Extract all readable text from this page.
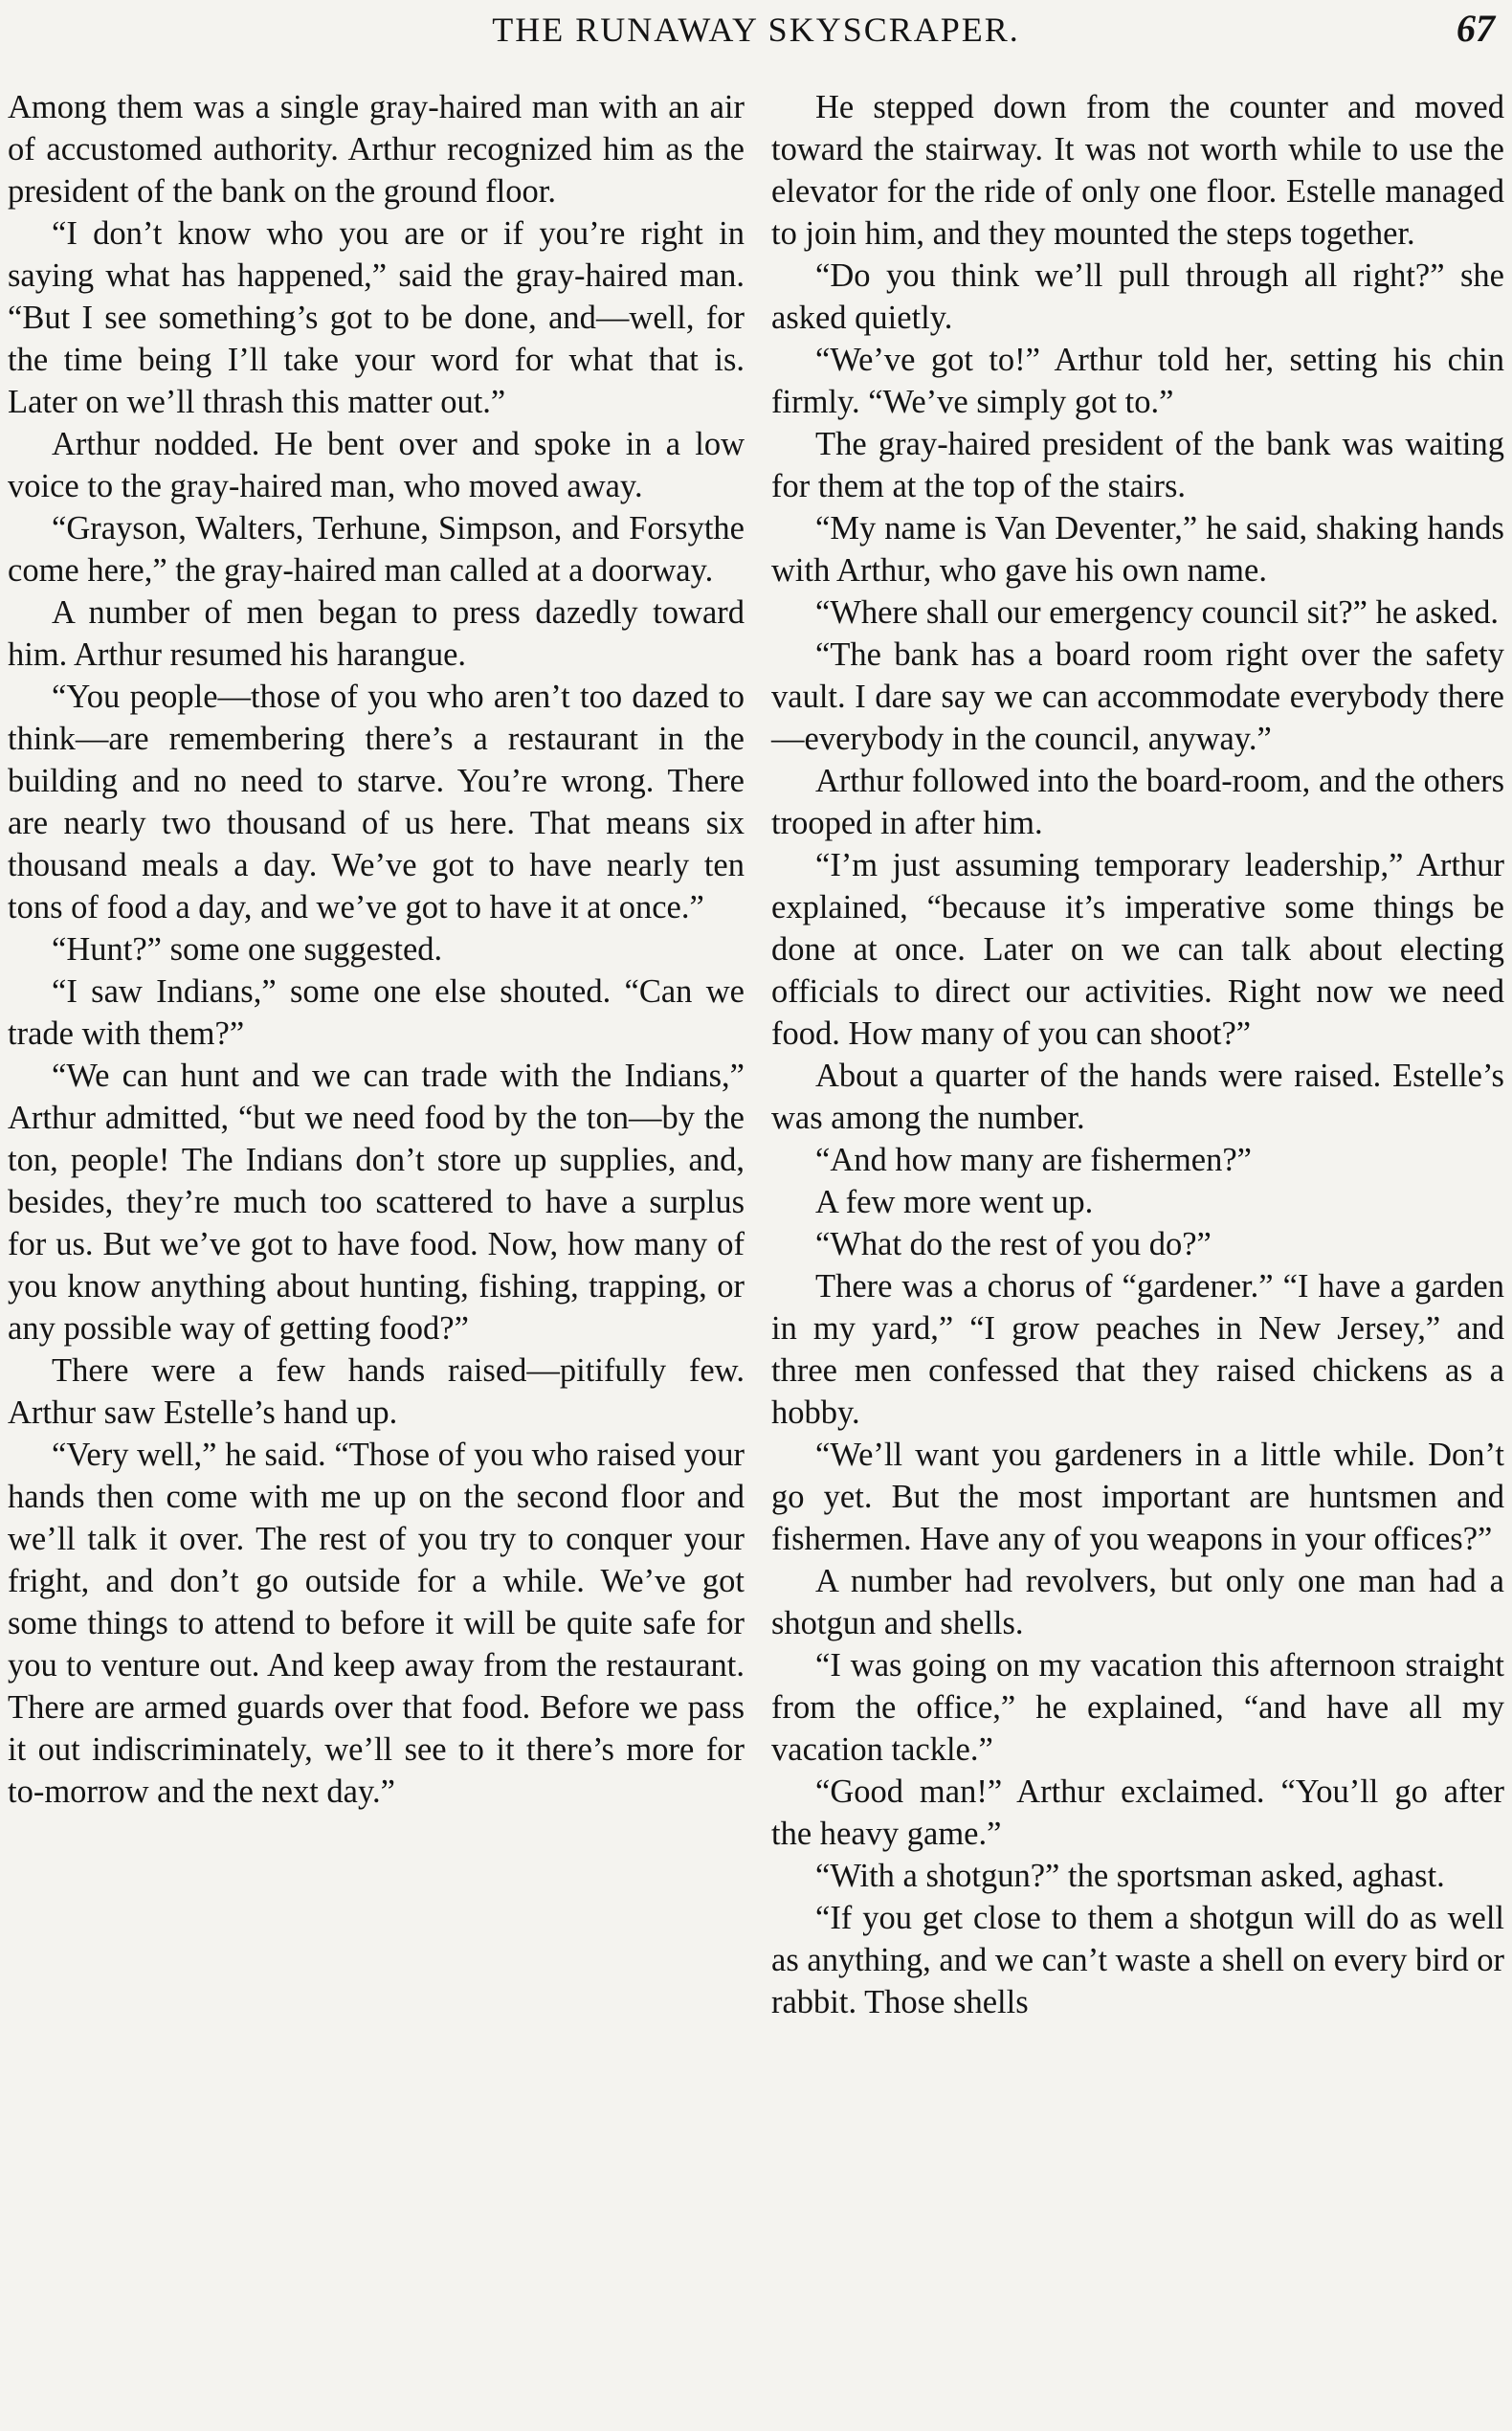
THE RUNAWAY SKYSCRAPER.	67

Among them was a single gray-haired man with an air of accustomed authority. Arthur recognized him as the president of the bank on the ground floor.

“I don’t know who you are or if you’re right in saying what has happened,” said the gray-haired man. “But I see something’s got to be done, and—well, for the time being I’ll take your word for what that is. Later on we’ll thrash this matter out.”

Arthur nodded. He bent over and spoke in a low voice to the gray-haired man, who moved away.

“Grayson, Walters, Terhune, Simpson, and Forsythe come here,” the gray-haired man called at a doorway.

A number of men began to press dazedly toward him. Arthur resumed his harangue.

“You people—those of you who aren’t too dazed to think—are remembering there’s a restaurant in the building and no need to starve. You’re wrong. There are nearly two thousand of us here. That means six thousand meals a day. We’ve got to have nearly ten tons of food a day, and we’ve got to have it at once.”

“Hunt?” some one suggested.

“I saw Indians,” some one else shouted. “Can we trade with them?”

“We can hunt and we can trade with the Indians,” Arthur admitted, “but we need food by the ton—by the ton, people! The Indians don’t store up supplies, and, besides, they’re much too scattered to have a surplus for us. But we’ve got to have food. Now, how many of you know anything about hunting, fishing, trapping, or any possible way of getting food?”

There were a few hands raised—pitifully few. Arthur saw Estelle’s hand up.

“Very well,” he said. “Those of you who raised your hands then come with me up on the second floor and we’ll talk it over. The rest of you try to conquer your fright, and don’t go outside for a while. We’ve got some things to attend to before it will be quite safe for you to venture out. And keep away from the restaurant. There are armed guards over that food. Before we pass it out indiscriminately, we’ll see to it there’s more for to-morrow and the next day.”

He stepped down from the counter and moved toward the stairway. It was not worth while to use the elevator for the ride of only one floor. Estelle managed to join him, and they mounted the steps together.

“Do you think we’ll pull through all right?” she asked quietly.

“We’ve got to!” Arthur told her, setting his chin firmly. “We’ve simply got to.”

The gray-haired president of the bank was waiting for them at the top of the stairs.

“My name is Van Deventer,” he said, shaking hands with Arthur, who gave his own name.

“Where shall our emergency council sit?” he asked.

“The bank has a board room right over the safety vault. I dare say we can accommodate everybody there—everybody in the council, anyway.”

Arthur followed into the board-room, and the others trooped in after him.

“I’m just assuming temporary leadership,” Arthur explained, “because it’s imperative some things be done at once. Later on we can talk about electing officials to direct our activities. Right now we need food. How many of you can shoot?”

About a quarter of the hands were raised. Estelle’s was among the number.

“And how many are fishermen?”

A few more went up.

“What do the rest of you do?”

There was a chorus of “gardener.” “I have a garden in my yard,” “I grow peaches in New Jersey,” and three men confessed that they raised chickens as a hobby.

“We’ll want you gardeners in a little while. Don’t go yet. But the most important are huntsmen and fishermen. Have any of you weapons in your offices?”

A number had revolvers, but only one man had a shotgun and shells.

“I was going on my vacation this afternoon straight from the office,” he explained, “and have all my vacation tackle.”

“Good man!” Arthur exclaimed. “You’ll go after the heavy game.”

“With a shotgun?” the sportsman asked, aghast.

“If you get close to them a shotgun will do as well as anything, and we can’t waste a shell on every bird or rabbit. Those shells
